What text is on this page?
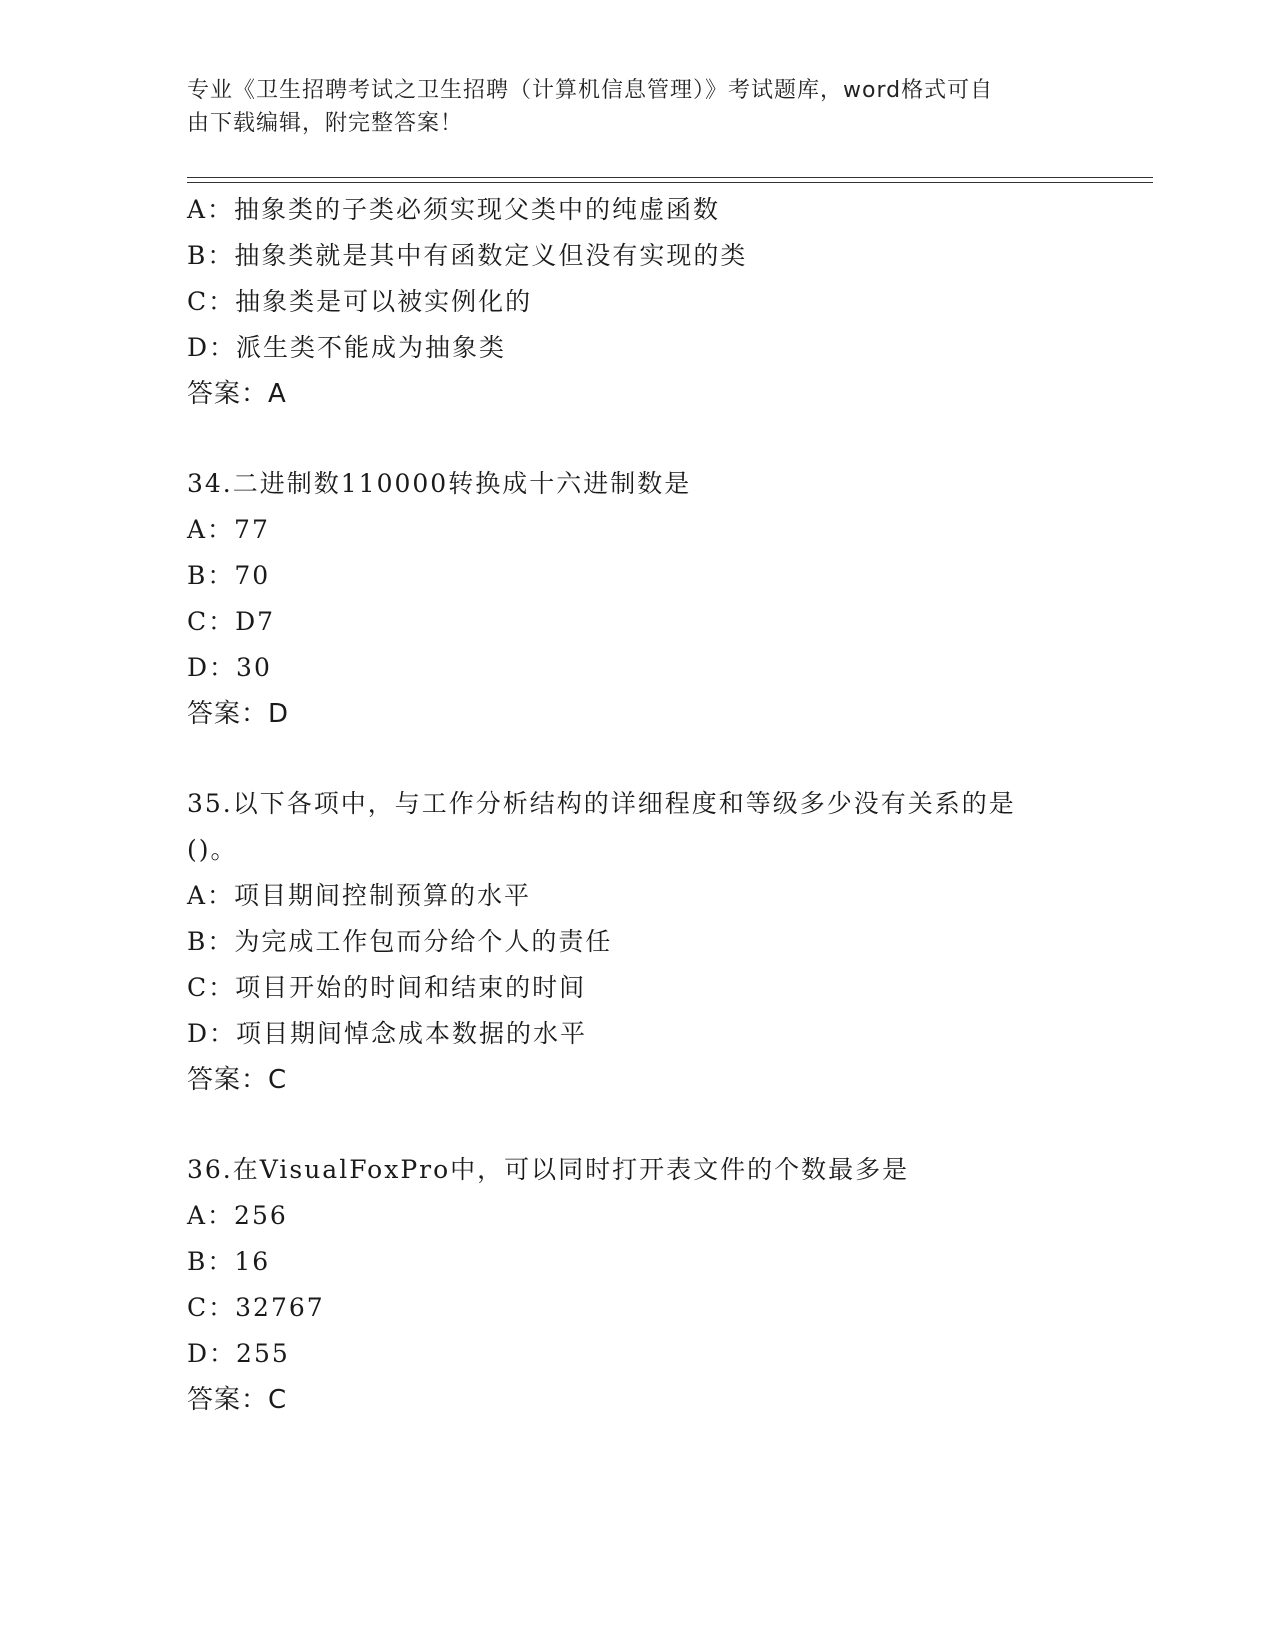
专业《卫生招聘考试之卫生招聘（计算机信息管理）》考试题库，word格式可自
由下载编辑，附完整答案！
A：抽象类的子类必须实现父类中的纯虚函数
B：抽象类就是其中有函数定义但没有实现的类
C：抽象类是可以被实例化的
D：派生类不能成为抽象类
答案：A
34.二进制数110000转换成十六进制数是
A：77
B：70
C：D7
D：30
答案：D
35.以下各项中，与工作分析结构的详细程度和等级多少没有关系的是
()。
A：项目期间控制预算的水平
B：为完成工作包而分给个人的责任
C：项目开始的时间和结束的时间
D：项目期间悼念成本数据的水平
答案：C
36.在VisualFoxPro中，可以同时打开表文件的个数最多是
A：256
B：16
C：32767
D：255
答案：C
